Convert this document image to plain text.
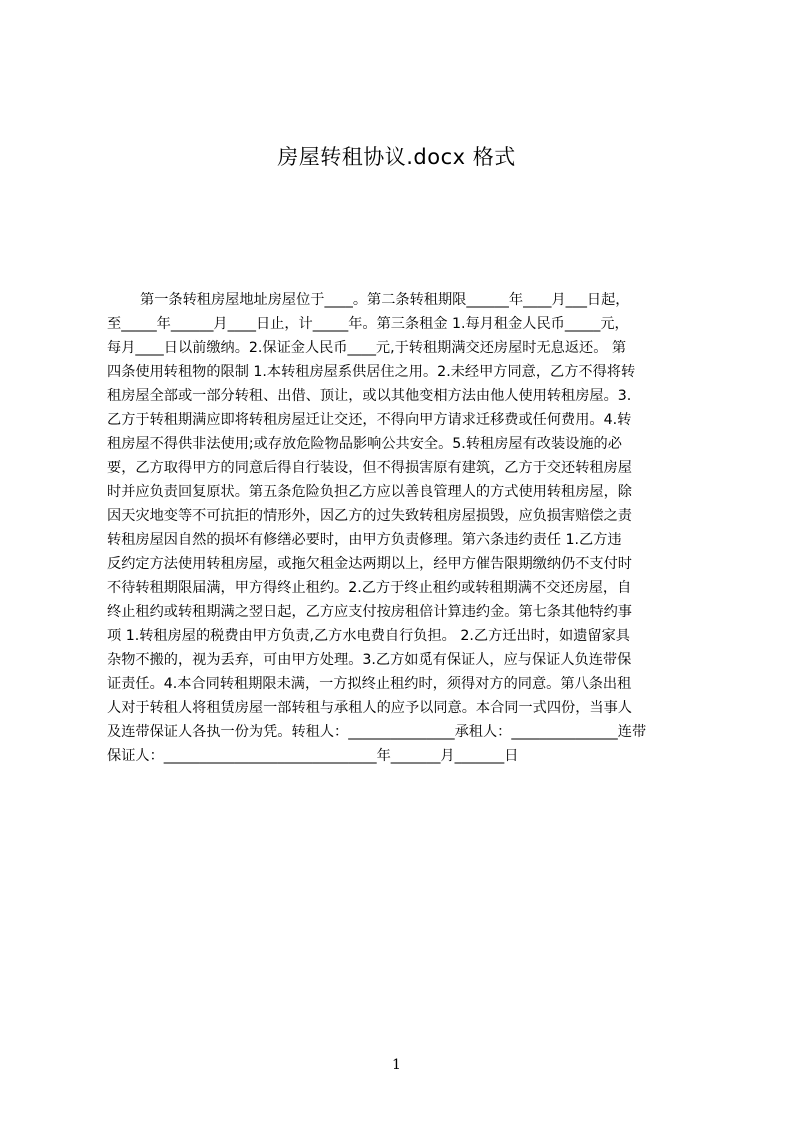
房屋转租协议.docx 格式
第一条转租房屋地址房屋位于____。第二条转租期限______年____月___日起，
至_____年______月____日止，计_____年。第三条租金 1.每月租金人民币_____元，
每月____日以前缴纳。2.保证金人民币____元,于转租期满交还房屋时无息返还。 第
四条使用转租物的限制 1.本转租房屋系供居住之用。2.未经甲方同意，乙方不得将转
租房屋全部或一部分转租、出借、顶让，或以其他变相方法由他人使用转租房屋。3.
乙方于转租期满应即将转租房屋迁让交还，不得向甲方请求迁移费或任何费用。4.转
租房屋不得供非法使用;或存放危险物品影响公共安全。5.转租房屋有改装设施的必
要，乙方取得甲方的同意后得自行装设，但不得损害原有建筑，乙方于交还转租房屋
时并应负责回复原状。第五条危险负担乙方应以善良管理人的方式使用转租房屋，除
因天灾地变等不可抗拒的情形外，因乙方的过失致转租房屋损毁，应负损害赔偿之责
转租房屋因自然的损坏有修缮必要时，由甲方负责修理。第六条违约责任 1.乙方违
反约定方法使用转租房屋，或拖欠租金达两期以上，经甲方催告限期缴纳仍不支付时
不待转租期限届满，甲方得终止租约。2.乙方于终止租约或转租期满不交还房屋，自
终止租约或转租期满之翌日起，乙方应支付按房租倍计算违约金。第七条其他特约事
项 1.转租房屋的税费由甲方负责,乙方水电费自行负担。 2.乙方迁出时，如遗留家具
杂物不搬的，视为丢弃，可由甲方处理。3.乙方如觅有保证人，应与保证人负连带保
证责任。4.本合同转租期限未满，一方拟终止租约时，须得对方的同意。第八条出租
人对于转租人将租赁房屋一部转租与承租人的应予以同意。本合同一式四份，当事人
及连带保证人各执一份为凭。转租人：_______________承租人：_______________连带
保证人：______________________________年_______月_______日
1
